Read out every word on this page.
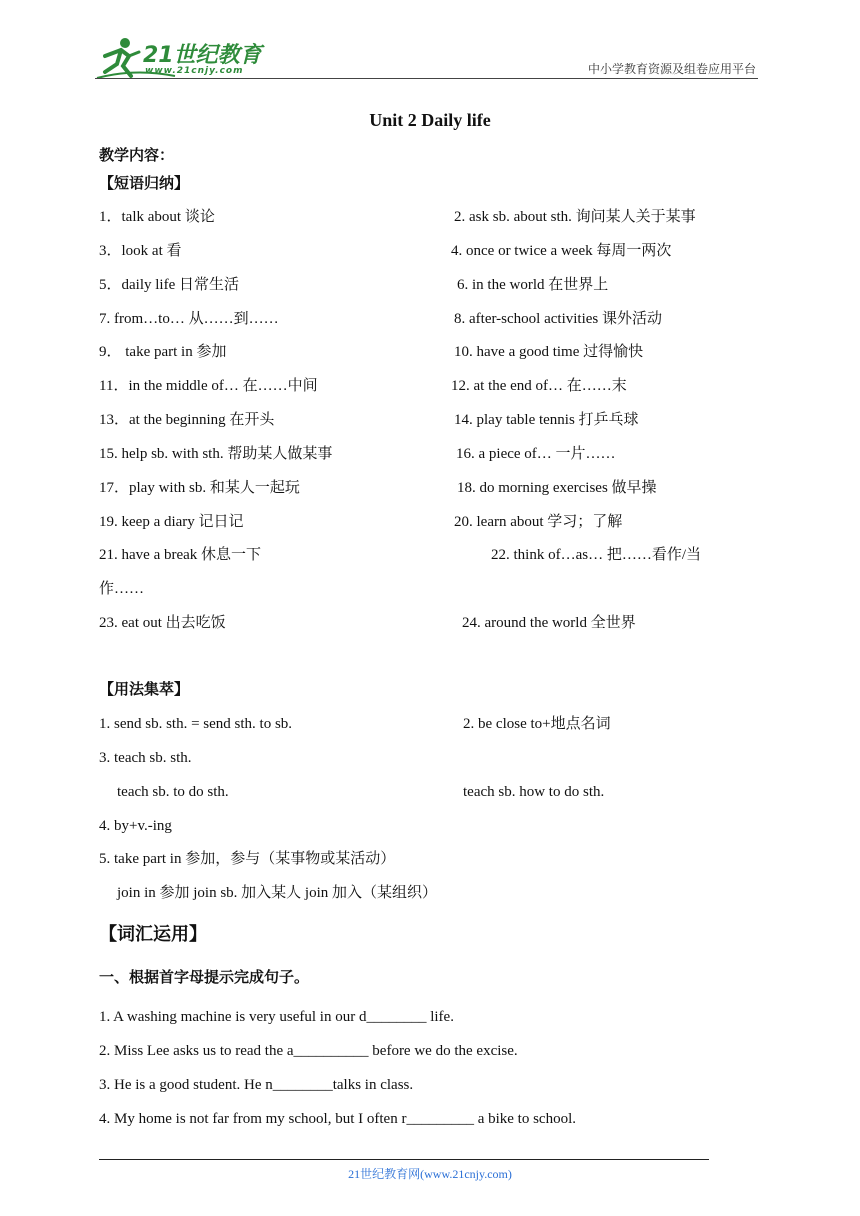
21世纪教育
www.21cnjy.com	中小学教育资源及组卷应用平台
Unit 2 Daily life
教学内容：
【短语归纳】
1．talk about 谈论	2. ask sb. about sth. 询问某人关于某事
3．look at 看	4. once or twice a week 每周一两次
5．daily life 日常生活	6. in the world 在世界上
7. from…to… 从……到……	8. after-school activities 课外活动
9． take part in 参加	10. have a good time 过得愉快
11．in the middle of… 在……中间	12. at the end of… 在……末
13．at the beginning 在开头	14. play table tennis 打乒乓球
15. help sb. with sth. 帮助某人做某事	16. a piece of… 一片……
17．play with sb. 和某人一起玩	18. do morning exercises 做早操
19. keep a diary 记日记	20. learn about 学习；了解
21. have a break 休息一下	22. think of…as… 把……看作/当
作……
23. eat out 出去吃饭	24. around the world 全世界
【用法集萃】
1. send sb. sth. = send sth. to sb.	2. be close to+地点名词
3. teach sb. sth.
teach sb. to do sth.	teach sb. how to do sth.
4. by+v.-ing
5. take part in 参加，参与（某事物或某活动）
join in 参加 join sb. 加入某人 join 加入（某组织）
【词汇运用】
一、根据首字母提示完成句子。
1. A washing machine is very useful in our d________ life.
2. Miss Lee asks us to read the a__________ before we do the excise.
3. He is a good student. He n________talks in class.
4. My home is not far from my school, but I often r_________ a bike to school.
21世纪教育网(www.21cnjy.com)
